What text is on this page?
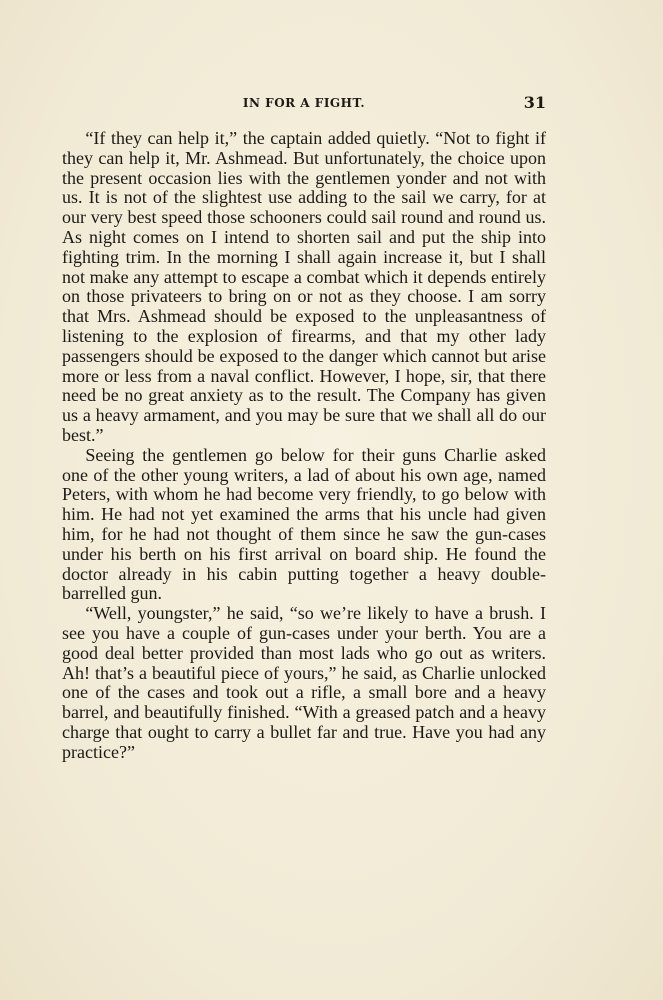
IN FOR A FIGHT.	31

“If they can help it,” the captain added quietly. “Not to fight if they can help it, Mr. Ashmead. But unfortunately, the choice upon the present occasion lies with the gentlemen yonder and not with us. It is not of the slightest use adding to the sail we carry, for at our very best speed those schooners could sail round and round us. As night comes on I intend to shorten sail and put the ship into fighting trim. In the morning I shall again increase it, but I shall not make any attempt to escape a combat which it depends entirely on those privateers to bring on or not as they choose. I am sorry that Mrs. Ashmead should be exposed to the unpleasantness of listening to the explosion of firearms, and that my other lady passengers should be exposed to the danger which cannot but arise more or less from a naval conflict. However, I hope, sir, that there need be no great anxiety as to the result. The Company has given us a heavy armament, and you may be sure that we shall all do our best.”

Seeing the gentlemen go below for their guns Charlie asked one of the other young writers, a lad of about his own age, named Peters, with whom he had become very friendly, to go below with him. He had not yet examined the arms that his uncle had given him, for he had not thought of them since he saw the gun-cases under his berth on his first arrival on board ship. He found the doctor already in his cabin putting together a heavy double-barrelled gun.

“Well, youngster,” he said, “so we’re likely to have a brush. I see you have a couple of gun-cases under your berth. You are a good deal better provided than most lads who go out as writers. Ah! that’s a beautiful piece of yours,” he said, as Charlie unlocked one of the cases and took out a rifle, a small bore and a heavy barrel, and beautifully finished. “With a greased patch and a heavy charge that ought to carry a bullet far and true. Have you had any practice?”
